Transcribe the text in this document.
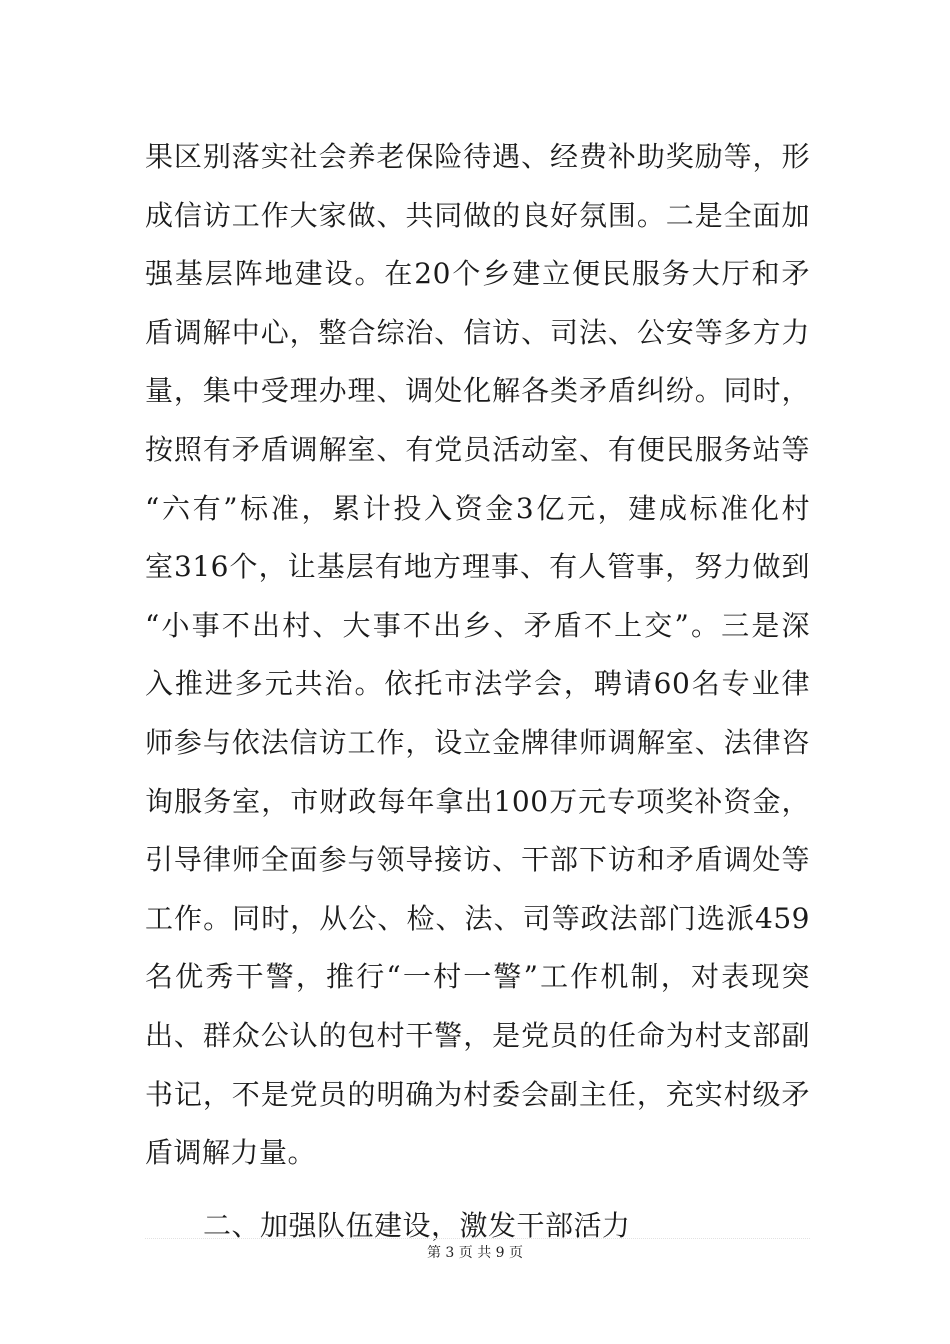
果区别落实社会养老保险待遇、经费补助奖励等，形
成信访工作大家做、共同做的良好氛围。二是全面加
强基层阵地建设。在20个乡建立便民服务大厅和矛
盾调解中心，整合综治、信访、司法、公安等多方力
量，集中受理办理、调处化解各类矛盾纠纷。同时，
按照有矛盾调解室、有党员活动室、有便民服务站等
“六有”标准，累计投入资金3亿元，建成标准化村
室316个，让基层有地方理事、有人管事，努力做到
“小事不出村、大事不出乡、矛盾不上交”。三是深
入推进多元共治。依托市法学会，聘请60名专业律
师参与依法信访工作，设立金牌律师调解室、法律咨
询服务室，市财政每年拿出100万元专项奖补资金，
引导律师全面参与领导接访、干部下访和矛盾调处等
工作。同时，从公、检、法、司等政法部门选派459
名优秀干警，推行“一村一警”工作机制，对表现突
出、群众公认的包村干警，是党员的任命为村支部副
书记，不是党员的明确为村委会副主任，充实村级矛
盾调解力量。
二、加强队伍建设，激发干部活力
第 3 页 共 9 页
